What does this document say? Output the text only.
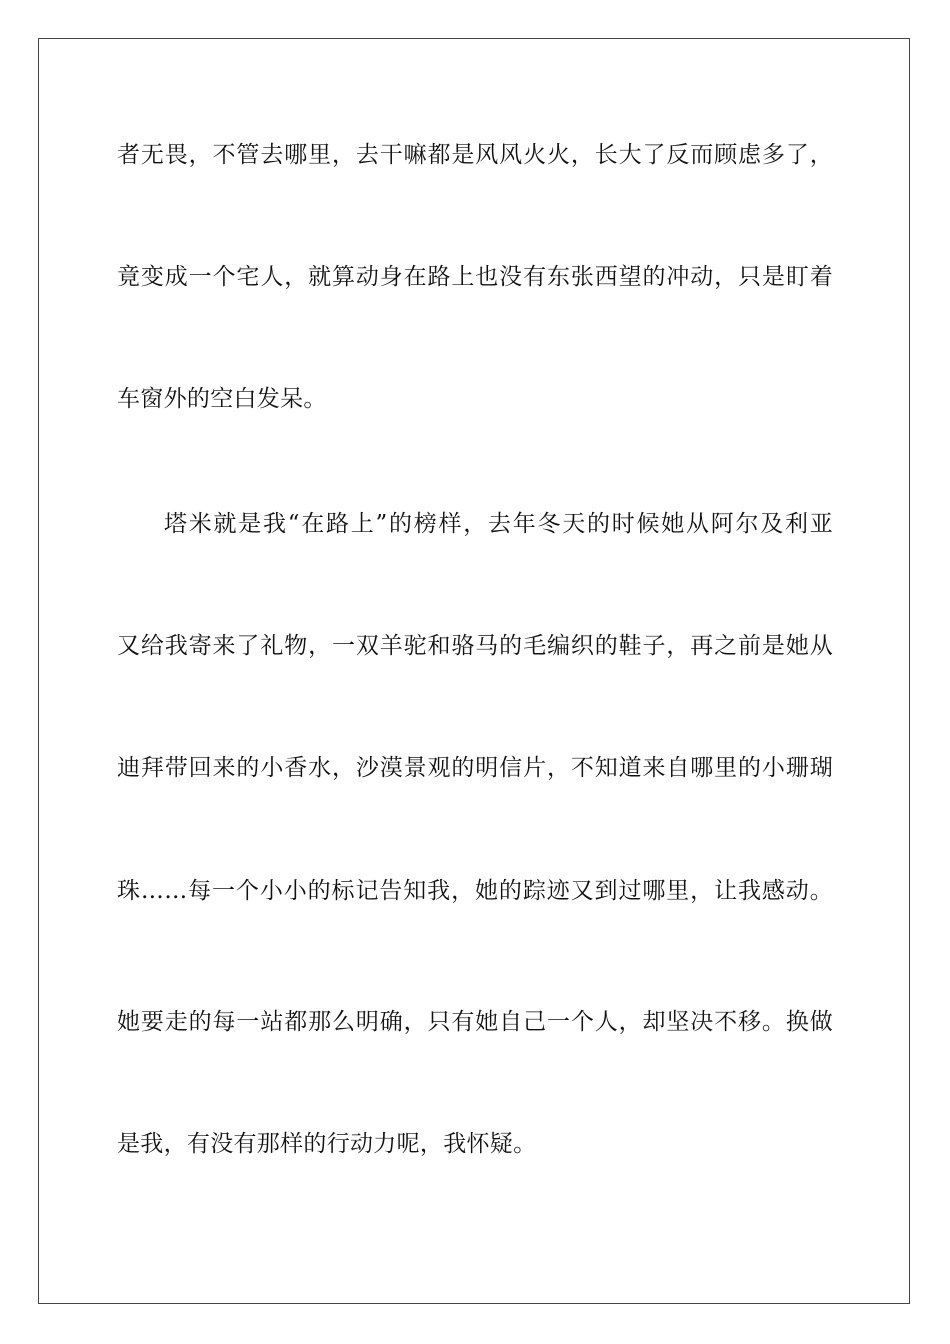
者无畏，不管去哪里，去干嘛都是风风火火，长大了反而顾虑多了，
竟变成一个宅人，就算动身在路上也没有东张西望的冲动，只是盯着
车窗外的空白发呆。
塔米就是我“在路上”的榜样，去年冬天的时候她从阿尔及利亚
又给我寄来了礼物，一双羊驼和骆马的毛编织的鞋子，再之前是她从
迪拜带回来的小香水，沙漠景观的明信片，不知道来自哪里的小珊瑚
珠……每一个小小的标记告知我，她的踪迹又到过哪里，让我感动。
她要走的每一站都那么明确，只有她自己一个人，却坚决不移。换做
是我，有没有那样的行动力呢，我怀疑。
